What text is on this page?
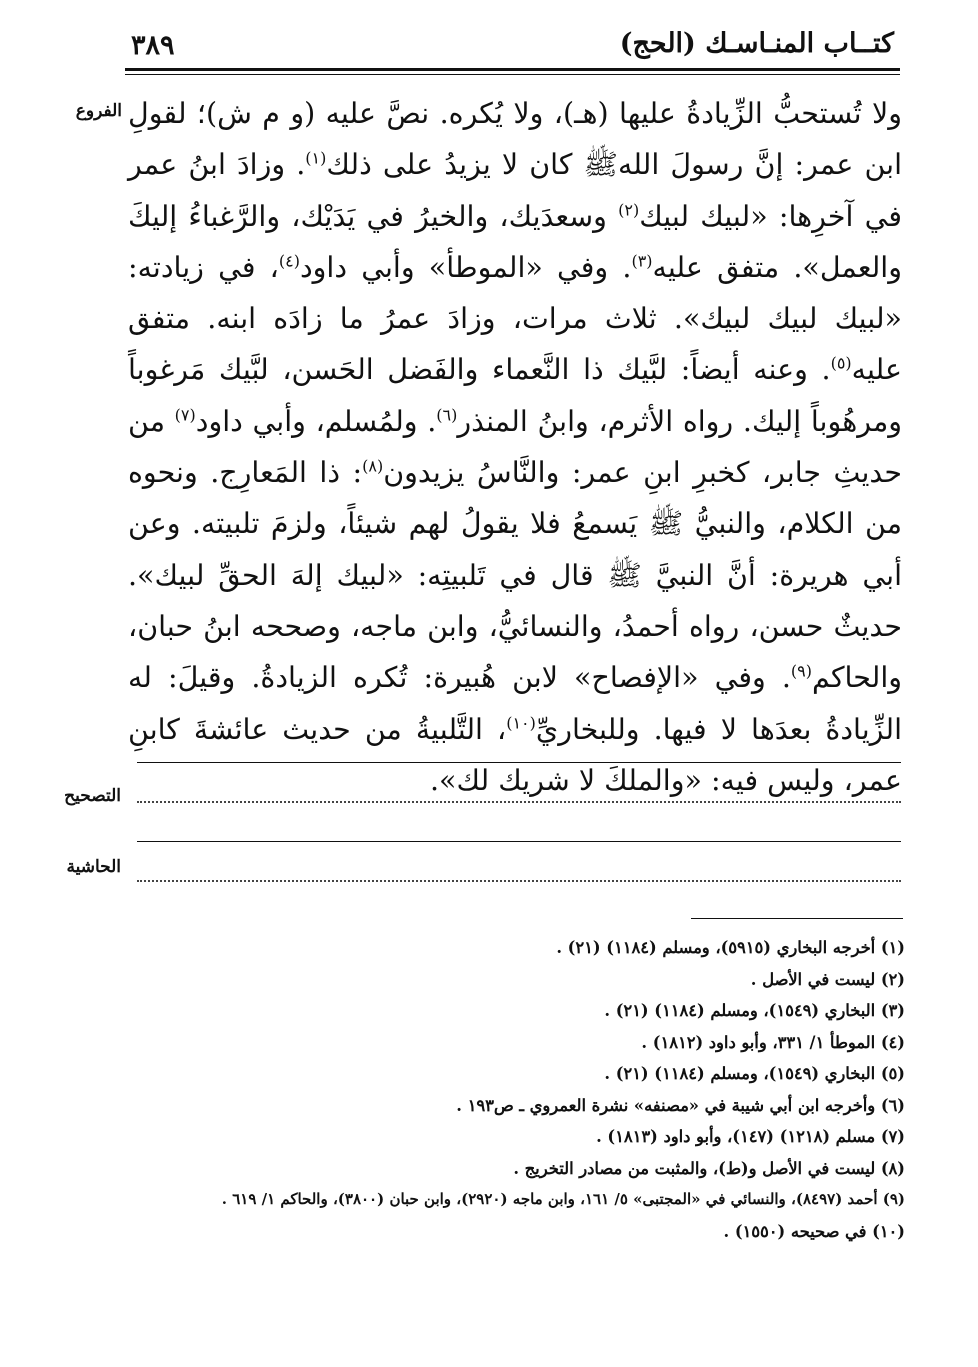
٣٨٩	كتــاب المنـاسـك (الحج)
الفروع ولا تُستحبُّ الزِّيادةُ عليها (هـ)، ولا يُكره. نصَّ عليه (و م ش)؛ لقولِ ابن عمر: إنَّ رسولَ اللهﷺ كان لا يزيدُ على ذلك$^{(١)}$. وزادَ ابنُ عمر في آخرِها: «لبيك لبيك$^{(٢)}$ وسعدَيك، والخيرُ في يَدَيْك، والرَّغباءُ إليكَ والعمل». متفق عليه$^{(٣)}$. وفي «الموطأ» وأبي داود$^{(٤)}$، في زيادته: «لبيك لبيك لبيك». ثلاث مرات، وزادَ عمرُ ما زادَه ابنه. متفق عليه$^{(٥)}$. وعنه أيضاً: لبَّيك ذا النَّعماء والفَضل الحَسن، لبَّيك مَرغوباً ومرهُوباً إليك. رواه الأثرم، وابنُ المنذر$^{(٦)}$. ولمُسلم، وأبي داود$^{(٧)}$ من حديثِ جابر، كخبرِ ابنِ عمر: والنَّاسُ يزيدون$^{(٨)}$: ذا المَعارِج. ونحوه من الكلام، والنبيُّ ﷺ يَسمعُ فلا يقولُ لهم شيئاً، ولزمَ تلبيته. وعن أبي هريرة: أنَّ النبيَّ ﷺ قال في تَلبيتِه: «لبيك إلهَ الحقِّ لبيك». حديثٌ حسن، رواه أحمدُ، والنسائيُّ، وابن ماجه، وصححه ابنُ حبان، والحاكم$^{(٩)}$. وفي «الإفصاح» لابن هُبيرة: تُكره الزيادةُ. وقيلَ: له الزِّيادةُ بعدَها لا فيها. وللبخاريِّ$^{(١٠)}$، التَّلبيةُ من حديث عائشةَ كابنِ عمر، وليس فيه: «والملكَ لا شريك لك».

التصحيح
الحاشية
(١) أخرجه البخاري (٥٩١٥)، ومسلم (١١٨٤) (٢١) .
(٢) ليست في الأصل .
(٣) البخاري (١٥٤٩)، ومسلم (١١٨٤) (٢١) .
(٤) الموطأ ١/ ٣٣١، وأبو داود (١٨١٢) .
(٥) البخاري (١٥٤٩)، ومسلم (١١٨٤) (٢١) .
(٦) وأخرجه ابن أبي شيبة في «مصنفه» نشرة العمروي ـ ص١٩٣ .
(٧) مسلم (١٢١٨) (١٤٧)، وأبو داود (١٨١٣) .
(٨) ليست في الأصل و(ط)، والمثبت من مصادر التخريج .
(٩) أحمد (٨٤٩٧)، والنسائي في «المجتبى» ٥/ ١٦١، وابن ماجه (٢٩٢٠)، وابن حبان (٣٨٠٠)، والحاكم ١/ ٦١٩ .
(١٠) في صحيحه (١٥٥٠) .
